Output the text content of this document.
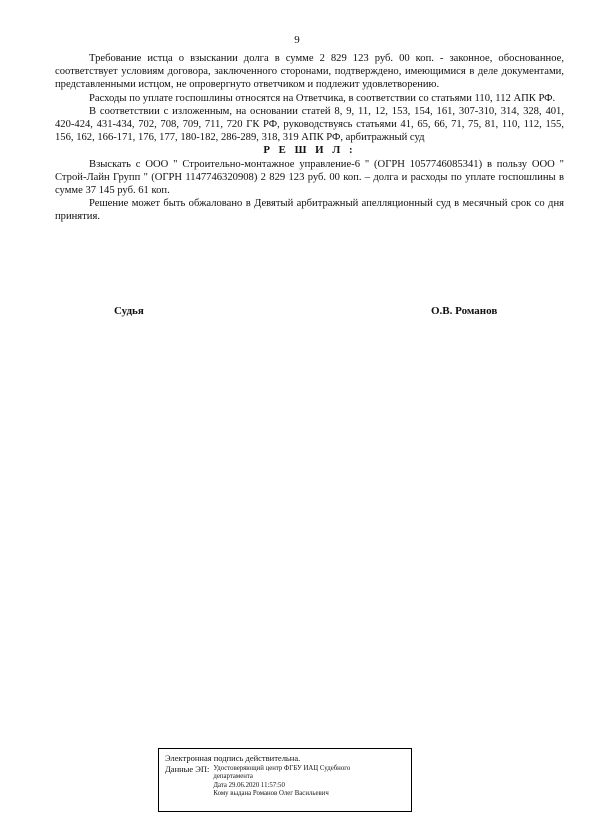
9

Требование истца о взыскании долга в сумме 2 829 123 руб. 00 коп. - законное, обоснованное, соответствует условиям договора, заключенного сторонами, подтверждено, имеющимися в деле документами, представленными истцом, не опровергнуто ответчиком и подлежит удовлетворению.

Расходы по уплате госпошлины относятся на Ответчика, в соответствии со статьями 110, 112 АПК РФ.

В соответствии с изложенным, на основании статей 8, 9, 11, 12, 153, 154, 161, 307-310, 314, 328, 401, 420-424, 431-434, 702, 708, 709, 711, 720 ГК РФ, руководствуясь статьями 41, 65, 66, 71, 75, 81, 110, 112, 155, 156, 162, 166-171, 176, 177, 180-182, 286-289, 318, 319 АПК РФ, арбитражный суд

Р Е Ш И Л :

Взыскать с ООО " Строительно-монтажное управление-6 " (ОГРН 1057746085341) в пользу ООО " Строй-Лайн Групп " (ОГРН 1147746320908) 2 829 123 руб. 00 коп. – долга и расходы по уплате госпошлины в сумме 37 145 руб. 61 коп.

Решение может быть обжаловано в Девятый арбитражный апелляционный суд в месячный срок со дня принятия.

Судья	О.В. Романов
Электронная подпись действительна.
Данные ЭП: Удостоверяющий центр ФГБУ ИАЦ Судебного
департамента
Дата 29.06.2020 11:57:50
Кому выдана Романов Олег Васильевич
